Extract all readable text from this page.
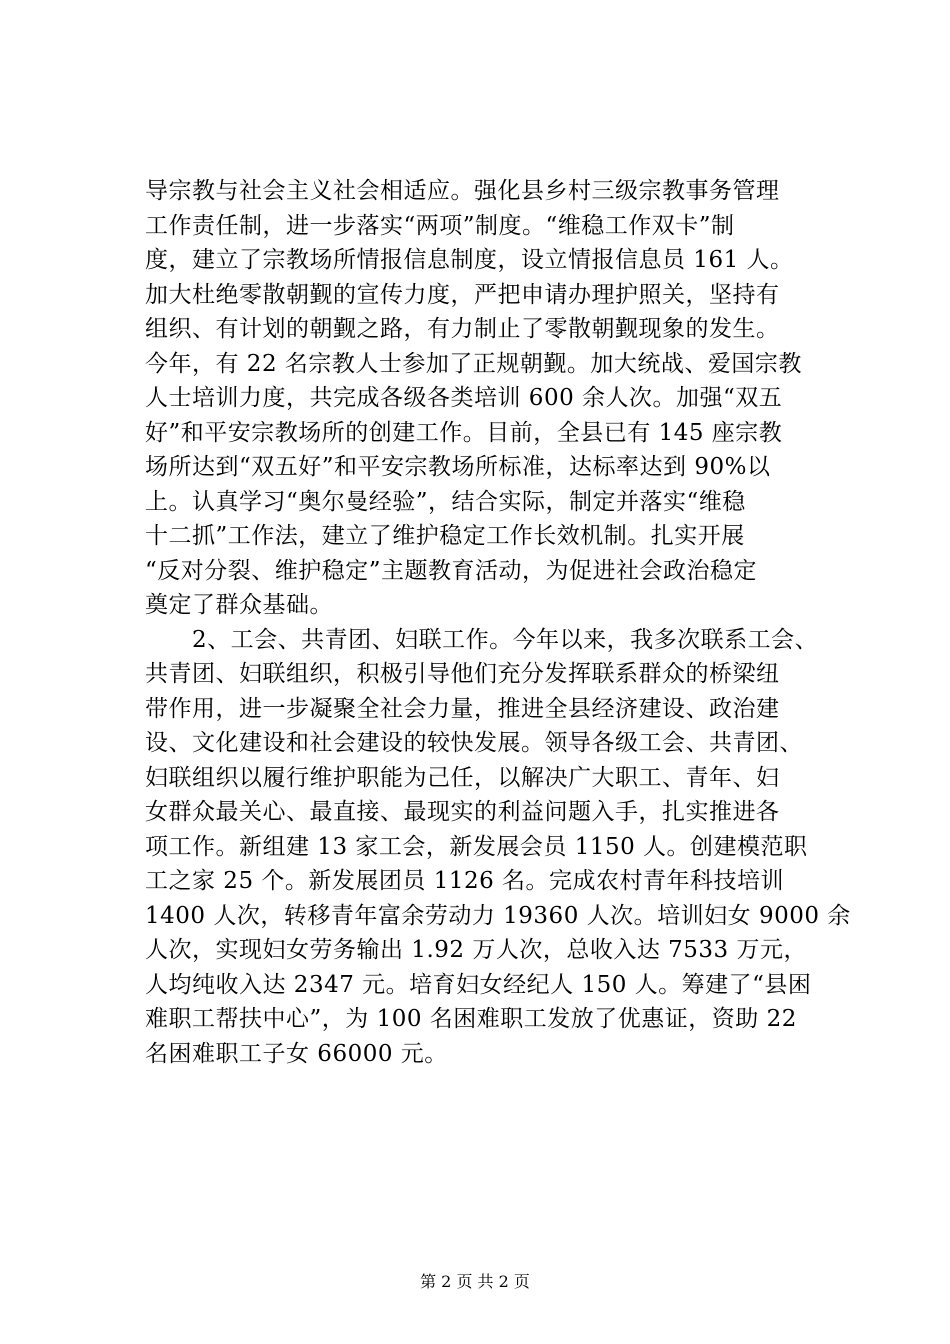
导宗教与社会主义社会相适应。强化县乡村三级宗教事务管理
工作责任制，进一步落实“两项”制度。“维稳工作双卡”制
度，建立了宗教场所情报信息制度，设立情报信息员 161 人。
加大杜绝零散朝觐的宣传力度，严把申请办理护照关，坚持有
组织、有计划的朝觐之路，有力制止了零散朝觐现象的发生。
今年，有 22 名宗教人士参加了正规朝觐。加大统战、爱国宗教
人士培训力度，共完成各级各类培训 600 余人次。加强“双五
好”和平安宗教场所的创建工作。目前，全县已有 145 座宗教
场所达到“双五好”和平安宗教场所标准，达标率达到 90%以
上。认真学习“奥尔曼经验”，结合实际，制定并落实“维稳
十二抓”工作法，建立了维护稳定工作长效机制。扎实开展
“反对分裂、维护稳定”主题教育活动，为促进社会政治稳定
奠定了群众基础。
　　2、工会、共青团、妇联工作。今年以来，我多次联系工会、
共青团、妇联组织，积极引导他们充分发挥联系群众的桥梁纽
带作用，进一步凝聚全社会力量，推进全县经济建设、政治建
设、文化建设和社会建设的较快发展。领导各级工会、共青团、
妇联组织以履行维护职能为己任，以解决广大职工、青年、妇
女群众最关心、最直接、最现实的利益问题入手，扎实推进各
项工作。新组建 13 家工会，新发展会员 1150 人。创建模范职
工之家 25 个。新发展团员 1126 名。完成农村青年科技培训
1400 人次，转移青年富余劳动力 19360 人次。培训妇女 9000 余
人次，实现妇女劳务输出 1.92 万人次，总收入达 7533 万元，
人均纯收入达 2347 元。培育妇女经纪人 150 人。筹建了“县困
难职工帮扶中心”，为 100 名困难职工发放了优惠证，资助 22
名困难职工子女 66000 元。
第 2 页 共 2 页
